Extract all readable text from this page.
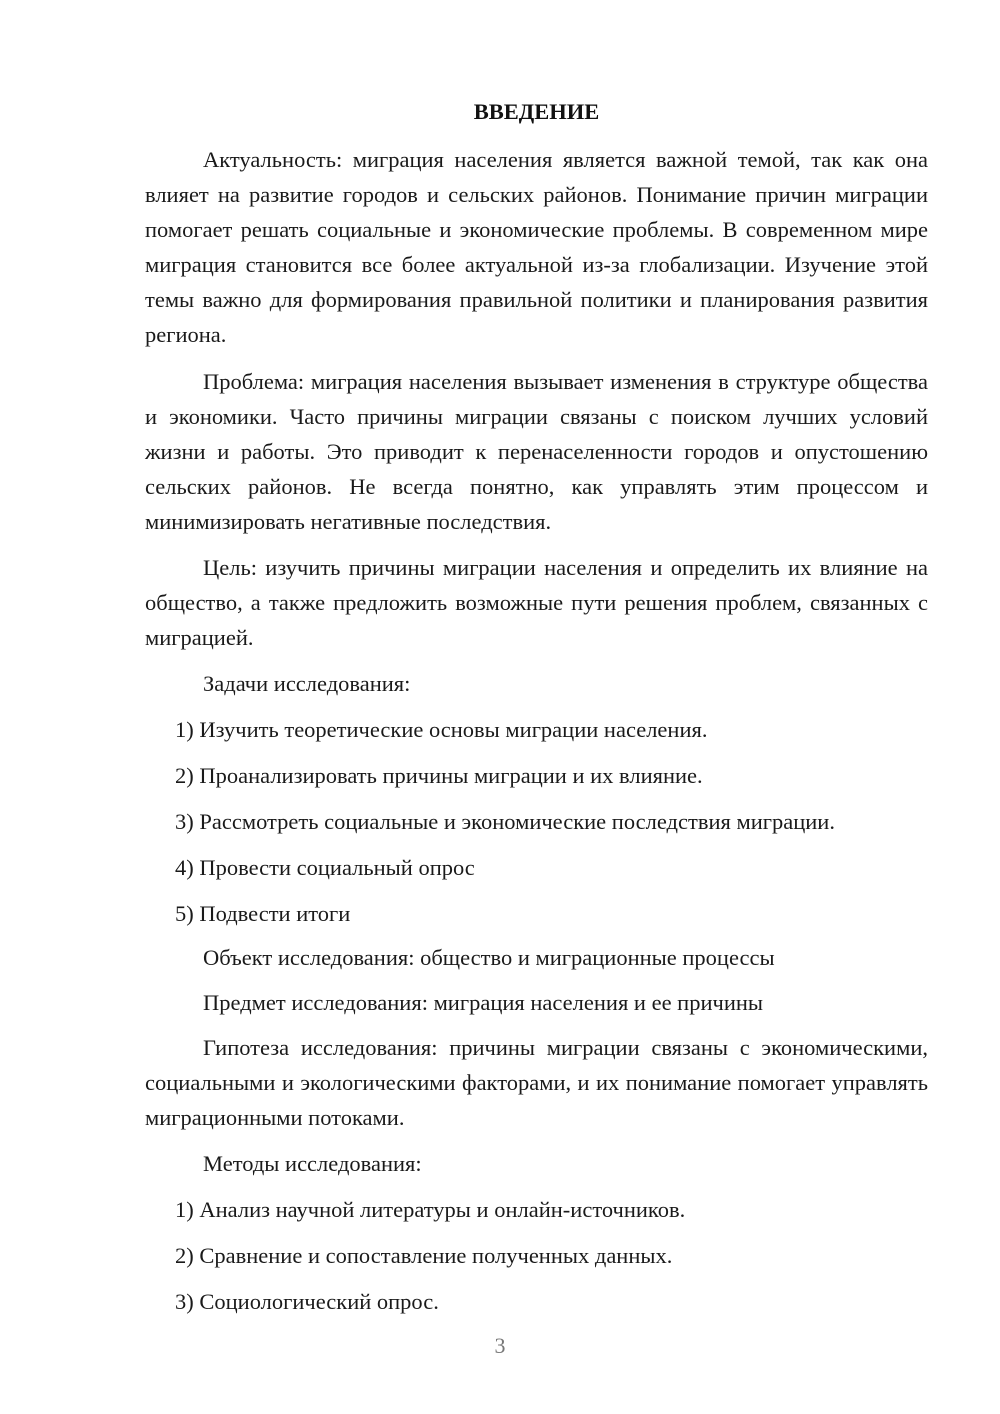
ВВЕДЕНИЕ

Актуальность: миграция населения является важной темой, так как она влияет на развитие городов и сельских районов. Понимание причин миграции помогает решать социальные и экономические проблемы. В современном мире миграция становится все более актуальной из-за глобализации. Изучение этой темы важно для формирования правильной политики и планирования развития региона.

Проблема: миграция населения вызывает изменения в структуре общества и экономики. Часто причины миграции связаны с поиском лучших условий жизни и работы. Это приводит к перенаселенности городов и опустошению сельских районов. Не всегда понятно, как управлять этим процессом и минимизировать негативные последствия.

Цель: изучить причины миграции населения и определить их влияние на общество, а также предложить возможные пути решения проблем, связанных с миграцией.

Задачи исследования:

1) Изучить теоретические основы миграции населения.

2) Проанализировать причины миграции и их влияние.

3) Рассмотреть социальные и экономические последствия миграции.

4) Провести социальный опрос

5) Подвести итоги

Объект исследования: общество и миграционные процессы

Предмет исследования: миграция населения и ее причины

Гипотеза исследования: причины миграции связаны с экономическими, социальными и экологическими факторами, и их понимание помогает управлять миграционными потоками.

Методы исследования:

1) Анализ научной литературы и онлайн-источников.

2) Сравнение и сопоставление полученных данных.

3) Социологический опрос.

3
